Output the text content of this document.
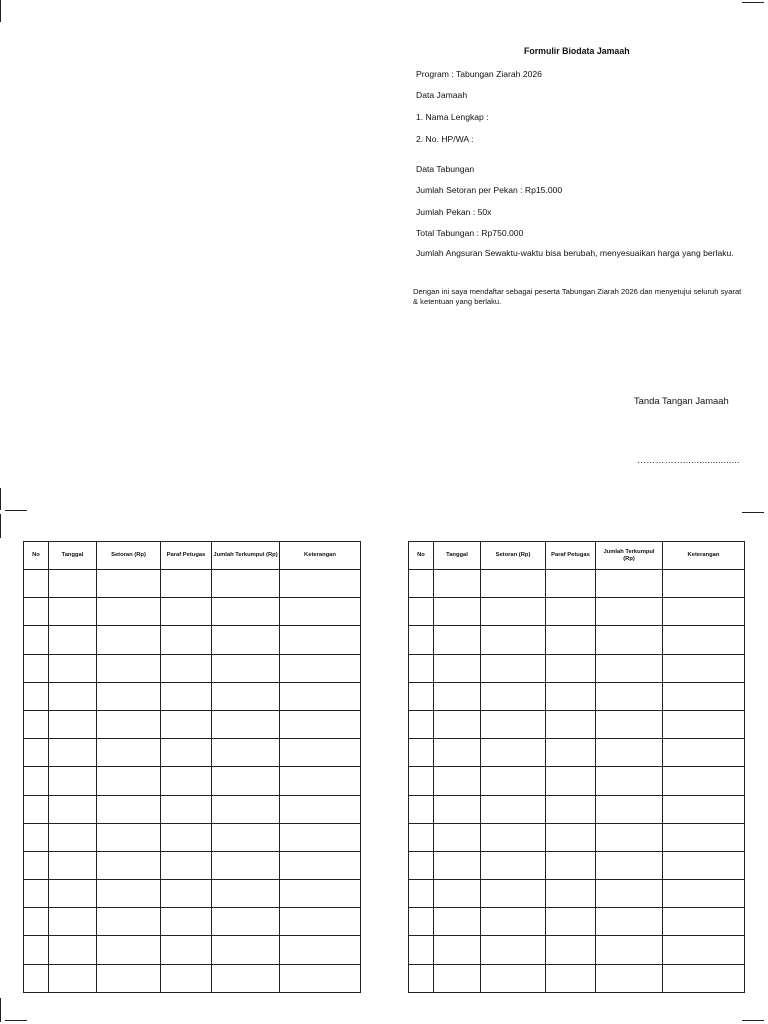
Formulir Biodata Jamaah
Program : Tabungan Ziarah 2026
Data Jamaah
1. Nama Lengkap :
2. No. HP/WA :
Data Tabungan
Jumlah Setoran per Pekan : Rp15.000
Jumlah Pekan : 50x
Total Tabungan : Rp750.000
Jumlah Angsuran Sewaktu-waktu bisa berubah, menyesuaikan harga yang berlaku.
Dengan ini saya mendaftar sebagai peserta Tabungan Ziarah 2026 dan menyetujui seluruh syarat & ketentuan yang berlaku.
Tanda Tangan Jamaah
…………….....................
No	Tanggal	Setoran (Rp)	Paraf Petugas	Jumlah Terkumpul (Rp)	Keterangan

						No	Tanggal	Setoran (Rp)	Paraf Petugas	Jumlah Terkumpul (Rp)	Keterangan
